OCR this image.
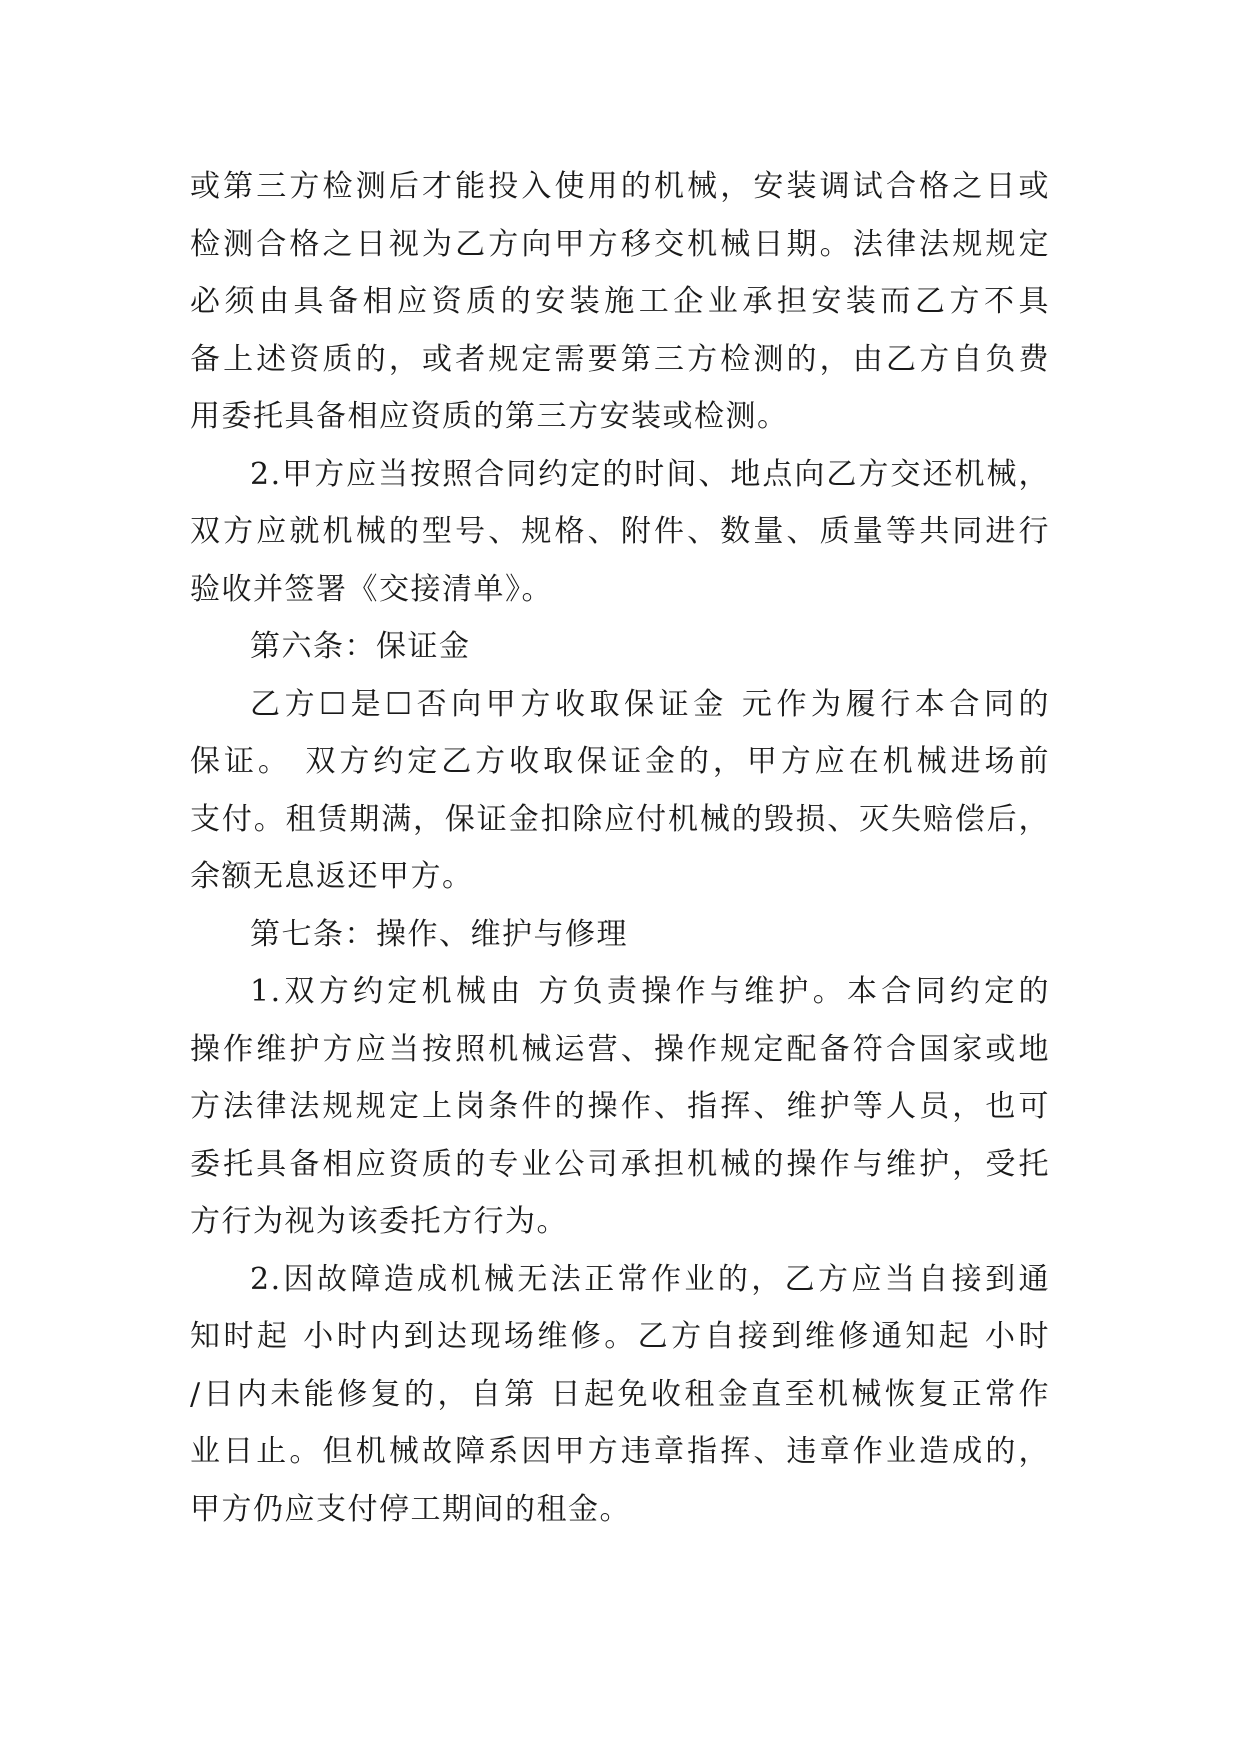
或第三方检测后才能投入使用的机械，安装调试合格之日或
检测合格之日视为乙方向甲方移交机械日期。法律法规规定
必须由具备相应资质的安装施工企业承担安装而乙方不具
备上述资质的，或者规定需要第三方检测的，由乙方自负费
用委托具备相应资质的第三方安装或检测。
2.甲方应当按照合同约定的时间、地点向乙方交还机械，
双方应就机械的型号、规格、附件、数量、质量等共同进行
验收并签署《交接清单》。
第六条：保证金
乙方☐是☐否向甲方收取保证金 元作为履行本合同的
保证。 双方约定乙方收取保证金的，甲方应在机械进场前
支付。租赁期满，保证金扣除应付机械的毁损、灭失赔偿后，
余额无息返还甲方。
第七条：操作、维护与修理
1.双方约定机械由 方负责操作与维护。本合同约定的
操作维护方应当按照机械运营、操作规定配备符合国家或地
方法律法规规定上岗条件的操作、指挥、维护等人员，也可
委托具备相应资质的专业公司承担机械的操作与维护，受托
方行为视为该委托方行为。
2.因故障造成机械无法正常作业的，乙方应当自接到通
知时起 小时内到达现场维修。乙方自接到维修通知起 小时
/日内未能修复的，自第 日起免收租金直至机械恢复正常作
业日止。但机械故障系因甲方违章指挥、违章作业造成的，
甲方仍应支付停工期间的租金。
